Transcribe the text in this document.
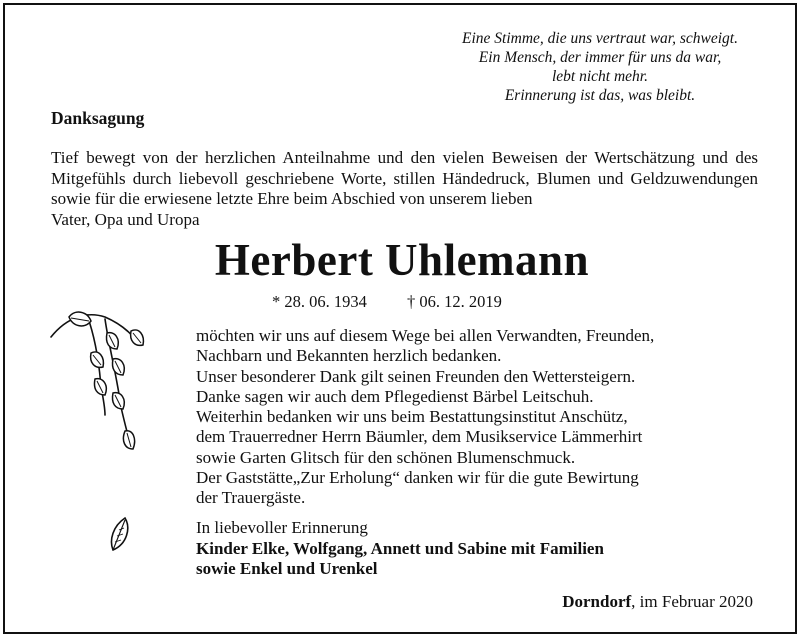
Eine Stimme, die uns vertraut war, schweigt.
Ein Mensch, der immer für uns da war,
lebt nicht mehr.
Erinnerung ist das, was bleibt.
Danksagung
Tief bewegt von der herzlichen Anteilnahme und den vielen Beweisen der Wertschätzung und des Mitgefühls durch liebevoll geschriebene Worte, stillen Händedruck, Blumen und Geldzuwendungen sowie für die erwiesene letzte Ehre beim Abschied von unserem lieben
Vater, Opa und Uropa
Herbert Uhlemann
* 28. 06. 1934 † 06. 12. 2019
möchten wir uns auf diesem Wege bei allen Verwandten, Freunden,
Nachbarn und Bekannten herzlich bedanken.
Unser besonderer Dank gilt seinen Freunden den Wettersteigern.
Danke sagen wir auch dem Pflegedienst Bärbel Leitschuh.
Weiterhin bedanken wir uns beim Bestattungsinstitut Anschütz,
dem Trauerredner Herrn Bäumler, dem Musikservice Lämmerhirt
sowie Garten Glitsch für den schönen Blumenschmuck.
Der Gaststätte„Zur Erholung“ danken wir für die gute Bewirtung
der Trauergäste.
In liebevoller Erinnerung
Kinder Elke, Wolfgang, Annett und Sabine mit Familien
sowie Enkel und Urenkel
Dorndorf, im Februar 2020
